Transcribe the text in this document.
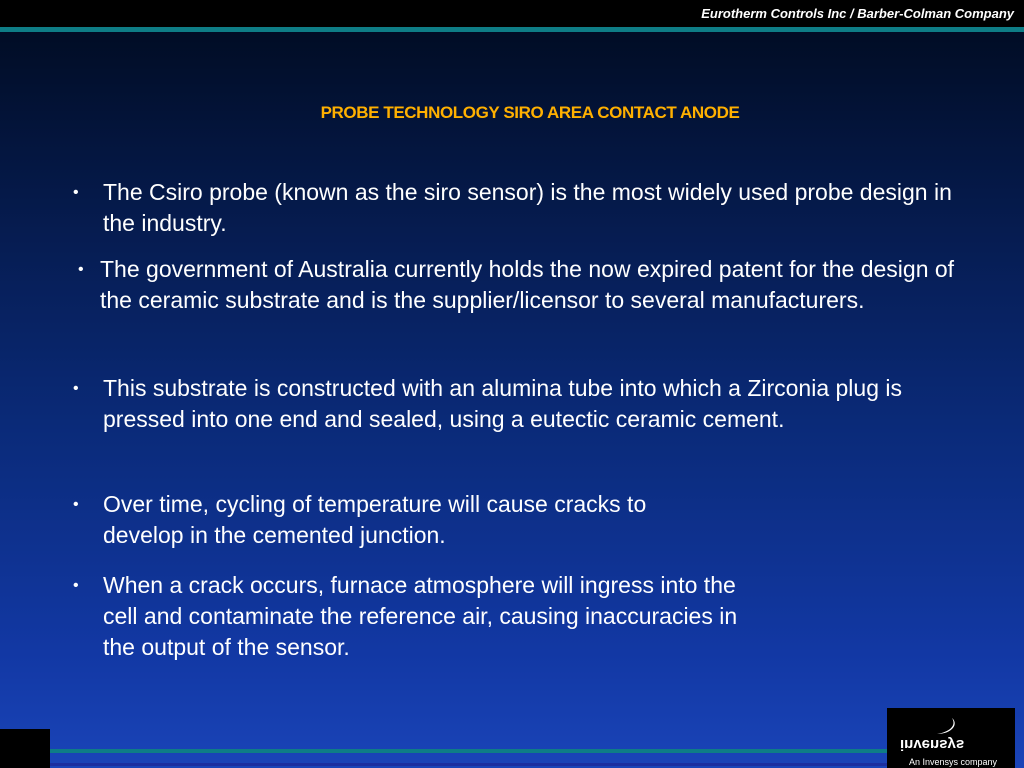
Eurotherm Controls Inc / Barber-Colman Company
PROBE TECHNOLOGY SIRO AREA CONTACT ANODE
• The Csiro probe (known as the siro sensor) is the most widely used probe design in the industry.
• The government of Australia currently holds the now expired patent for the design of the ceramic substrate and is the supplier/licensor to several manufacturers.
• This substrate is constructed with an alumina tube into which a Zirconia plug is pressed into one end and sealed, using a eutectic ceramic cement.
• Over time, cycling of temperature will cause cracks to develop in the cemented junction.
• When a crack occurs, furnace atmosphere will ingress into the cell and contaminate the reference air, causing inaccuracies in the output of the sensor.
invensys
An Invensys company
